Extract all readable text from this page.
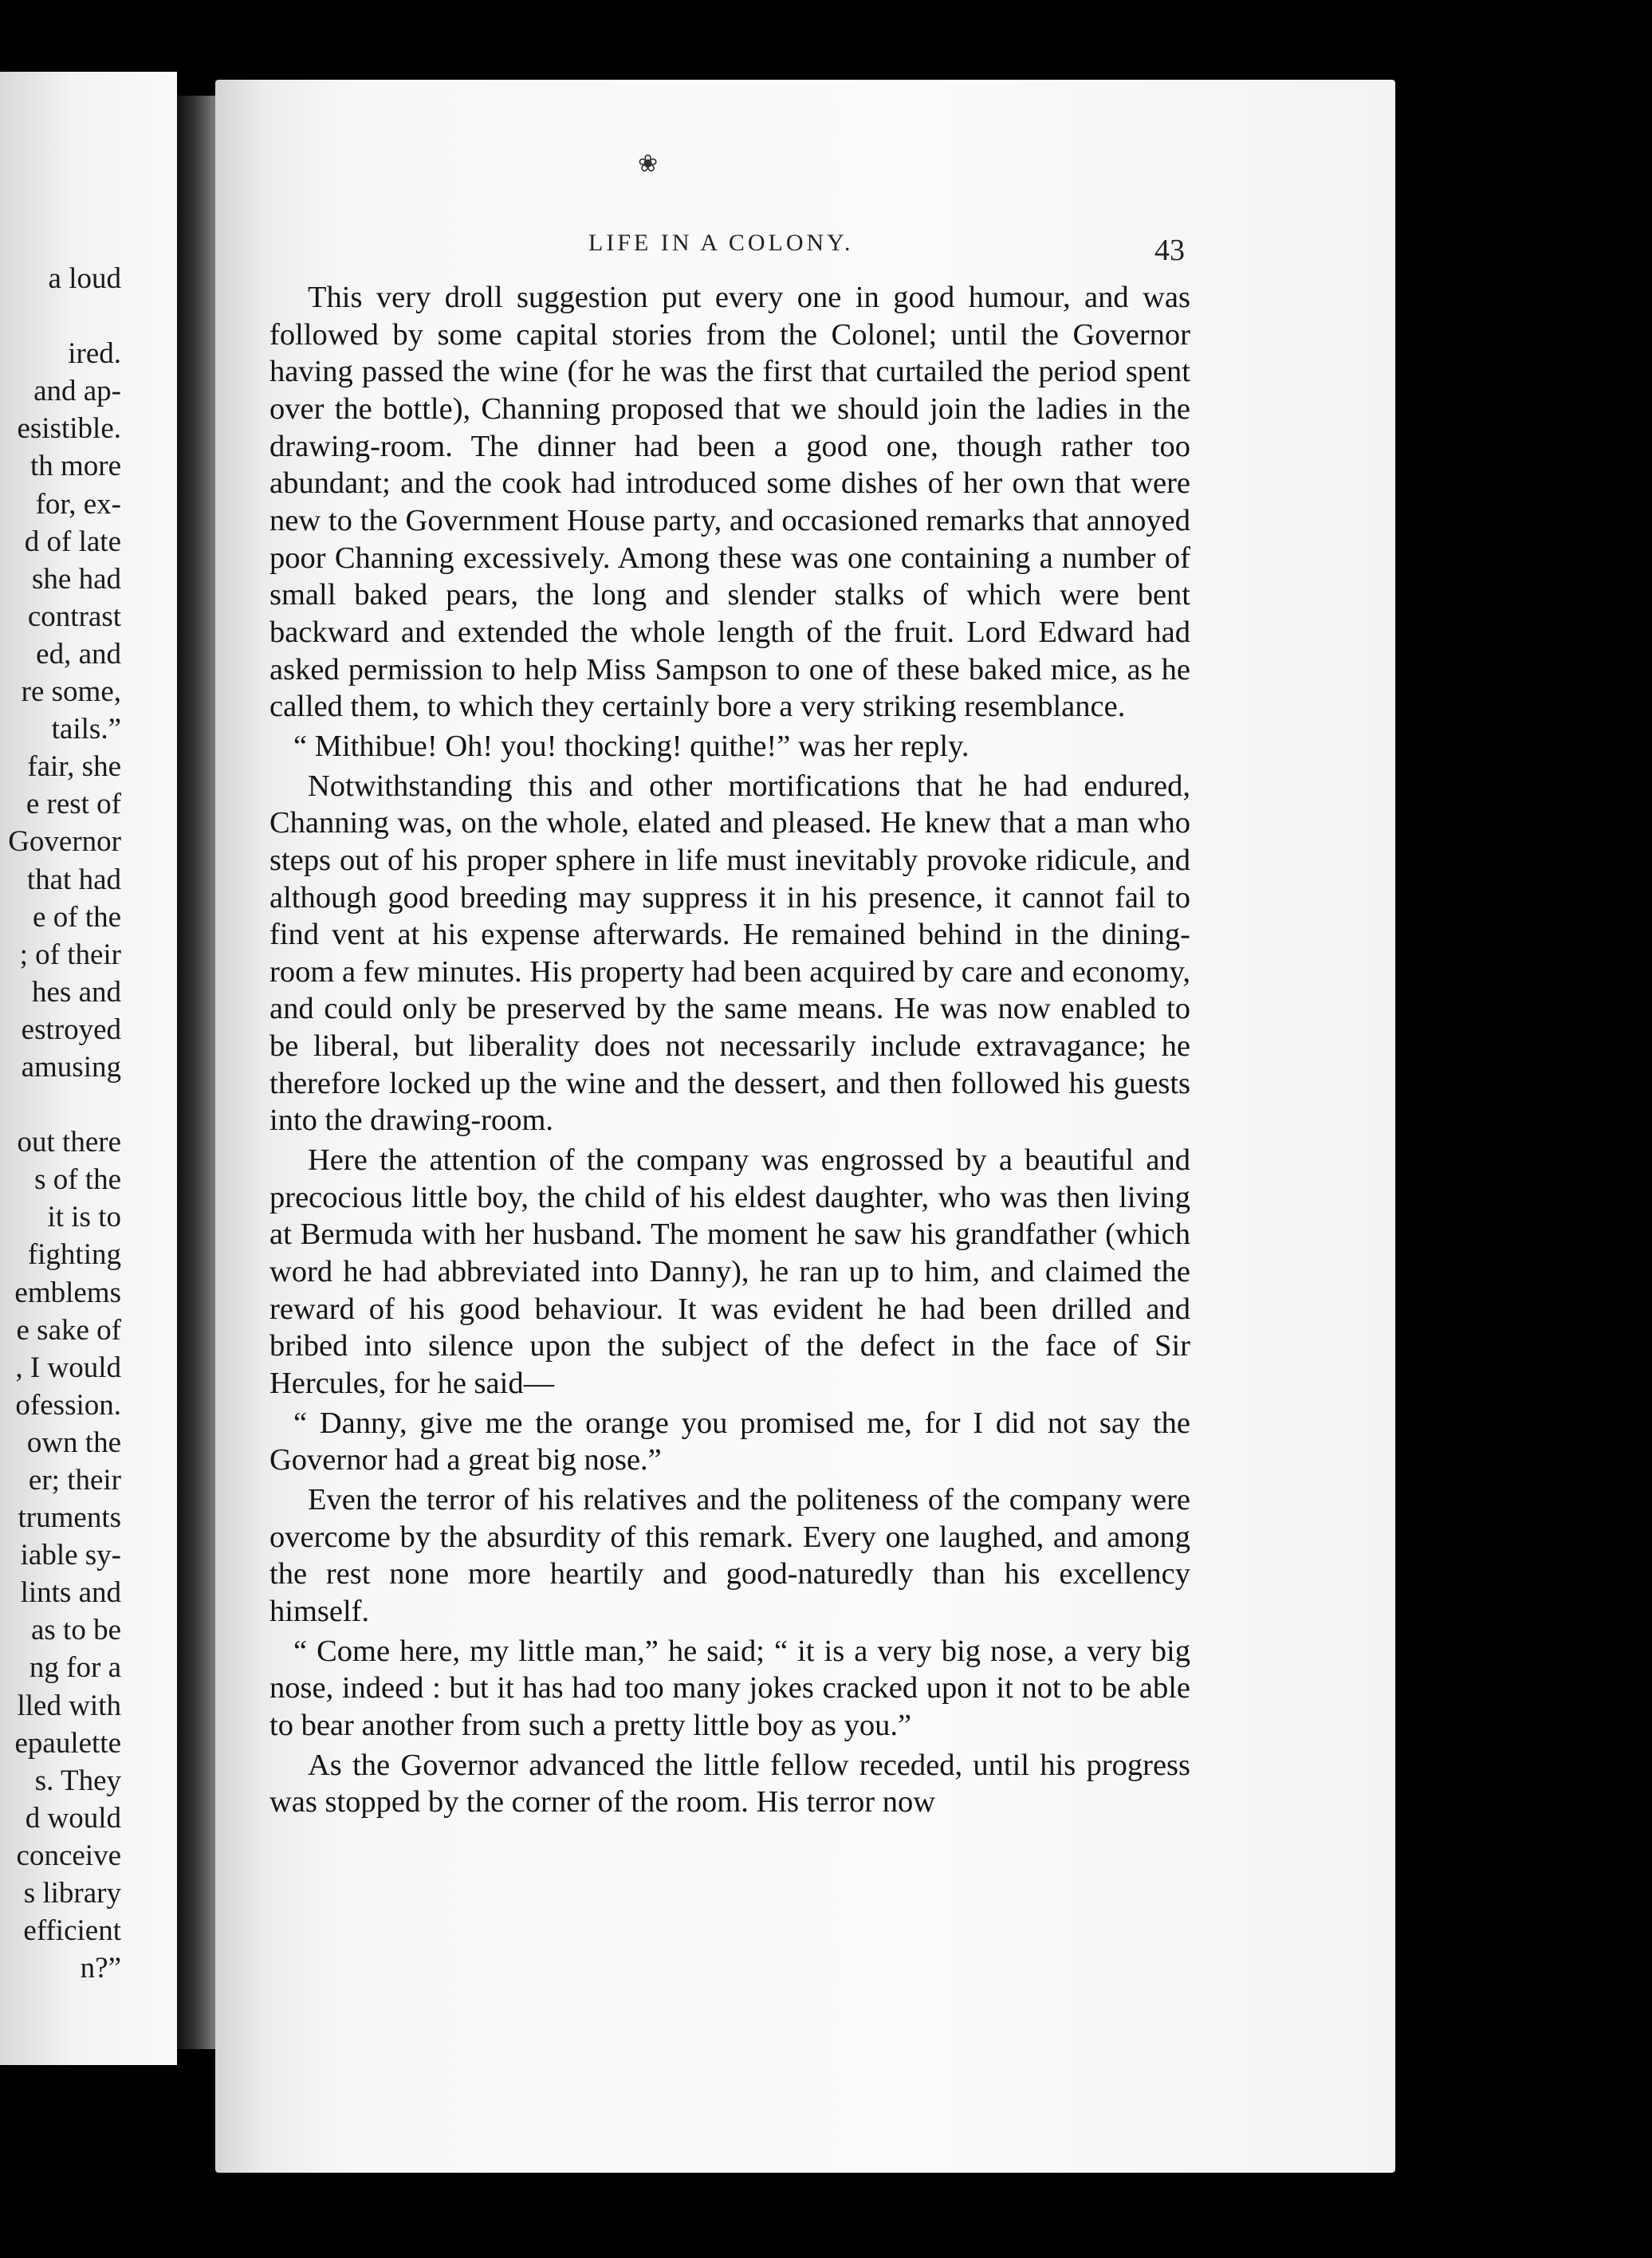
a loud

ired.
and ap-
esistible.
th more
for, ex-
d of late
she had
contrast
ed, and
re some,
tails.”
fair, she
e rest of
Governor
that had
e of the
; of their
hes and
estroyed
amusing

out there
s of the
it is to
fighting
emblems
e sake of
, I would
ofession.
own the
er; their
truments
iable sy-
lints and
as to be
ng for a
lled with
epaulette
s. They
d would
conceive
s library
efficient
n?”
❀
LIFE IN A COLONY.	43

This very droll suggestion put every one in good humour, and was followed by some capital stories from the Colonel; until the Governor having passed the wine (for he was the first that curtailed the period spent over the bottle), Channing proposed that we should join the ladies in the drawing-room. The dinner had been a good one, though rather too abundant; and the cook had introduced some dishes of her own that were new to the Government House party, and occasioned remarks that annoyed poor Channing excessively. Among these was one containing a number of small baked pears, the long and slender stalks of which were bent backward and extended the whole length of the fruit. Lord Edward had asked permission to help Miss Sampson to one of these baked mice, as he called them, to which they certainly bore a very striking resemblance.

“ Mithibue! Oh! you! thocking! quithe!” was her reply.

Notwithstanding this and other mortifications that he had endured, Channing was, on the whole, elated and pleased. He knew that a man who steps out of his proper sphere in life must inevitably provoke ridicule, and although good breeding may suppress it in his presence, it cannot fail to find vent at his expense afterwards. He remained behind in the dining-room a few minutes. His property had been acquired by care and economy, and could only be preserved by the same means. He was now enabled to be liberal, but liberality does not necessarily include extravagance; he therefore locked up the wine and the dessert, and then followed his guests into the drawing-room.

Here the attention of the company was engrossed by a beautiful and precocious little boy, the child of his eldest daughter, who was then living at Bermuda with her husband. The moment he saw his grandfather (which word he had abbreviated into Danny), he ran up to him, and claimed the reward of his good behaviour. It was evident he had been drilled and bribed into silence upon the subject of the defect in the face of Sir Hercules, for he said—

“ Danny, give me the orange you promised me, for I did not say the Governor had a great big nose.”

Even the terror of his relatives and the politeness of the company were overcome by the absurdity of this remark. Every one laughed, and among the rest none more heartily and good-naturedly than his excellency himself.

“ Come here, my little man,” he said; “ it is a very big nose, a very big nose, indeed : but it has had too many jokes cracked upon it not to be able to bear another from such a pretty little boy as you.”

As the Governor advanced the little fellow receded, until his progress was stopped by the corner of the room. His terror now
